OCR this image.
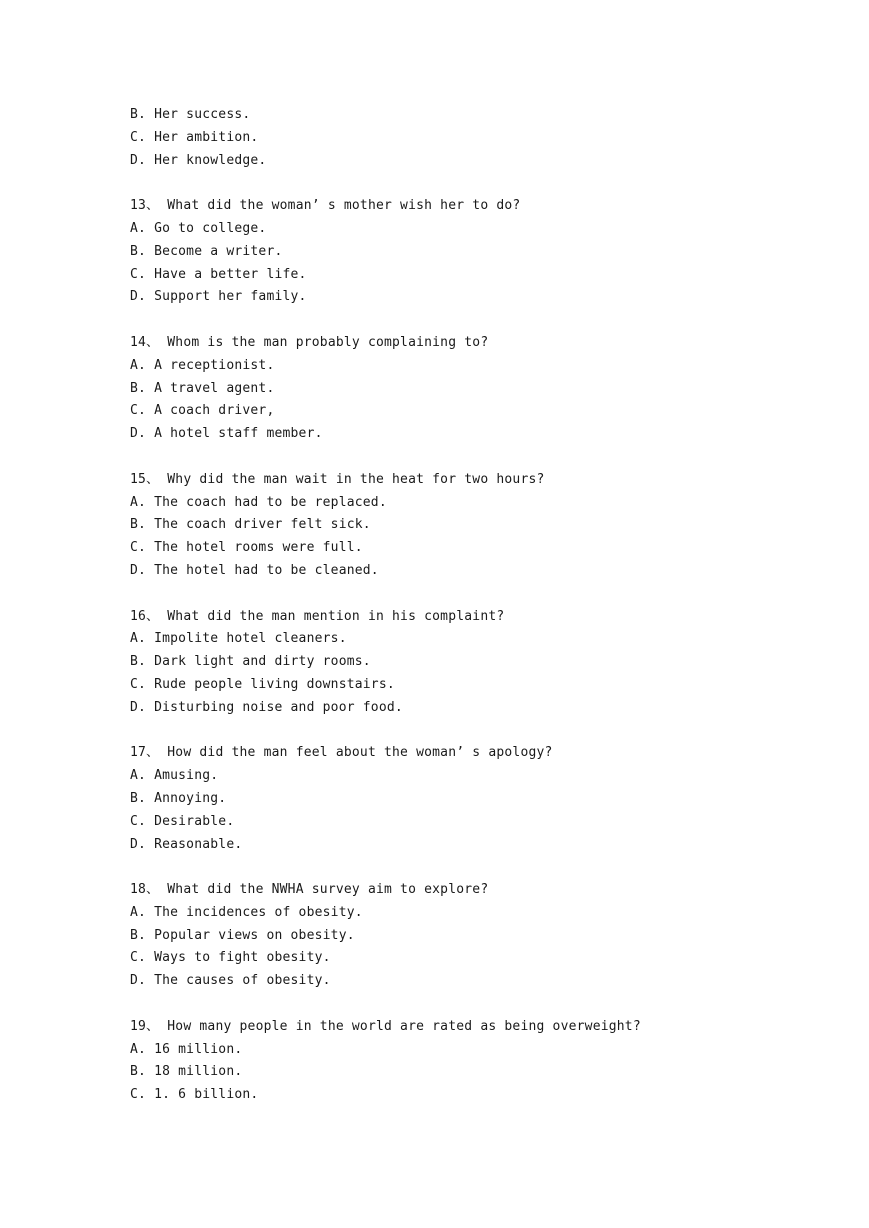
B. Her success.
C. Her ambition.
D. Her knowledge.
13、 What did the woman’ s mother wish her to do?
A. Go to college.
B. Become a writer.
C. Have a better life.
D. Support her family.
14、 Whom is the man probably complaining to?
A. A receptionist.
B. A travel agent.
C. A coach driver,
D. A hotel staff member.
15、 Why did the man wait in the heat for two hours?
A. The coach had to be replaced.
B. The coach driver felt sick.
C. The hotel rooms were full.
D. The hotel had to be cleaned.
16、 What did the man mention in his complaint?
A. Impolite hotel cleaners.
B. Dark light and dirty rooms.
C. Rude people living downstairs.
D. Disturbing noise and poor food.
17、 How did the man feel about the woman’ s apology?
A. Amusing.
B. Annoying.
C. Desirable.
D. Reasonable.
18、 What did the NWHA survey aim to explore?
A. The incidences of obesity.
B. Popular views on obesity.
C. Ways to fight obesity.
D. The causes of obesity.
19、 How many people in the world are rated as being overweight?
A. 16 million.
B. 18 million.
C. 1. 6 billion.
